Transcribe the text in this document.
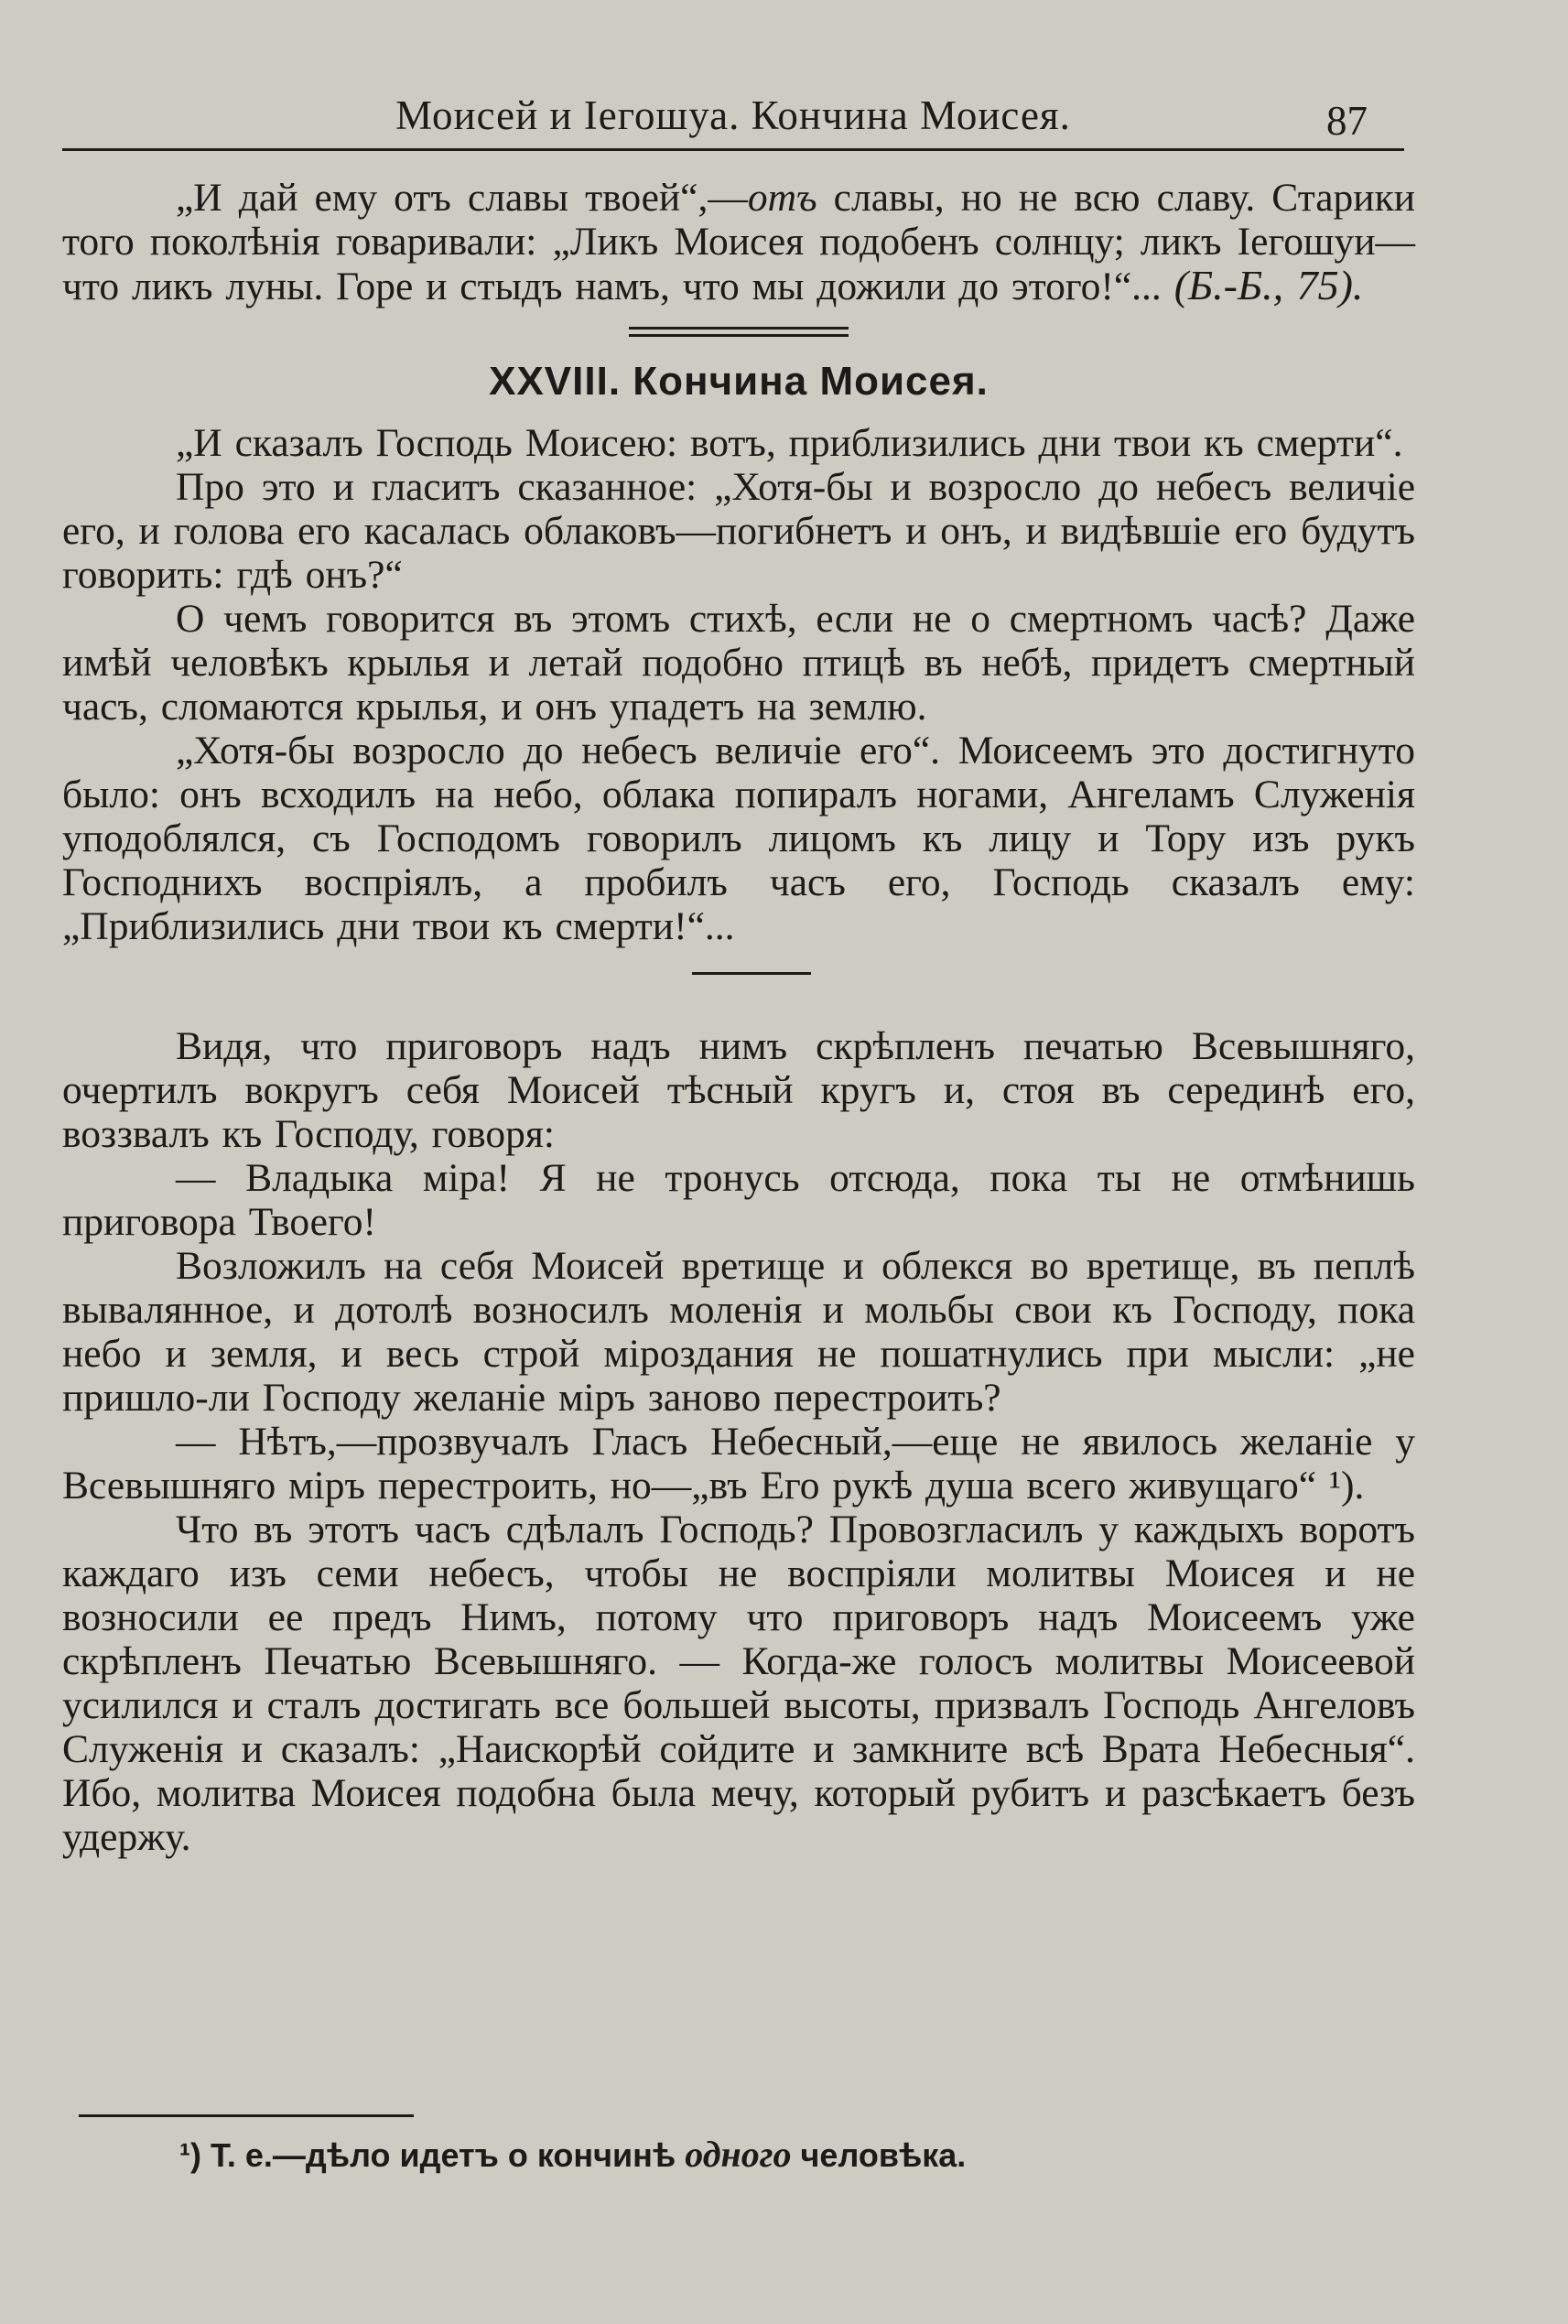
Моисей и Іегошуа. Кончина Моисея.	87

„И дай ему отъ славы твоей“,—отъ славы, но не всю славу. Старики того поколѣнія говаривали: „Ликъ Моисея подобенъ солнцу; ликъ Іегошуи—что ликъ луны. Горе и стыдъ намъ, что мы дожили до этого!“... (Б.-Б., 75).

XXVIII. Кончина Моисея.

„И сказалъ Господь Моисею: вотъ, приблизились дни твои къ смерти“.

Про это и гласитъ сказанное: „Хотя-бы и возросло до небесъ величіе его, и голова его касалась облаковъ—погибнетъ и онъ, и видѣвшіе его будутъ говорить: гдѣ онъ?“

О чемъ говорится въ этомъ стихѣ, если не о смертномъ часѣ? Даже имѣй человѣкъ крылья и летай подобно птицѣ въ небѣ, придетъ смертный часъ, сломаются крылья, и онъ упадетъ на землю.

„Хотя-бы возросло до небесъ величіе его“. Моисеемъ это достигнуто было: онъ всходилъ на небо, облака попиралъ ногами, Ангеламъ Служенія уподоблялся, съ Господомъ говорилъ лицомъ къ лицу и Тору изъ рукъ Господнихъ воспріялъ, а пробилъ часъ его, Господь сказалъ ему: „Приблизились дни твои къ смерти!“...

Видя, что приговоръ надъ нимъ скрѣпленъ печатью Всевышняго, очертилъ вокругъ себя Моисей тѣсный кругъ и, стоя въ серединѣ его, воззвалъ къ Господу, говоря:

— Владыка міра! Я не тронусь отсюда, пока ты не отмѣнишь приговора Твоего!

Возложилъ на себя Моисей вретище и облекся во вретище, въ пеплѣ вывалянное, и дотолѣ возносилъ моленія и мольбы свои къ Господу, пока небо и земля, и весь строй міроздания не пошатнулись при мысли: „не пришло-ли Господу желаніе міръ заново перестроить?

— Нѣтъ,—прозвучалъ Гласъ Небесный,—еще не явилось желаніе у Всевышняго міръ перестроить, но—„въ Его рукѣ душа всего живущаго“ ¹).

Что въ этотъ часъ сдѣлалъ Господь? Провозгласилъ у каждыхъ воротъ каждаго изъ семи небесъ, чтобы не воспріяли молитвы Моисея и не возносили ее предъ Нимъ, потому что приговоръ надъ Моисеемъ уже скрѣпленъ Печатью Всевышняго. — Когда-же голосъ молитвы Моисеевой усилился и сталъ достигать все большей высоты, призвалъ Господь Ангеловъ Служенія и сказалъ: „Наискорѣй сойдите и замкните всѣ Врата Небесныя“. Ибо, молитва Моисея подобна была мечу, который рубитъ и разсѣкаетъ безъ удержу.

¹) Т. е.—дѣло идетъ о кончинѣ одного человѣка.
